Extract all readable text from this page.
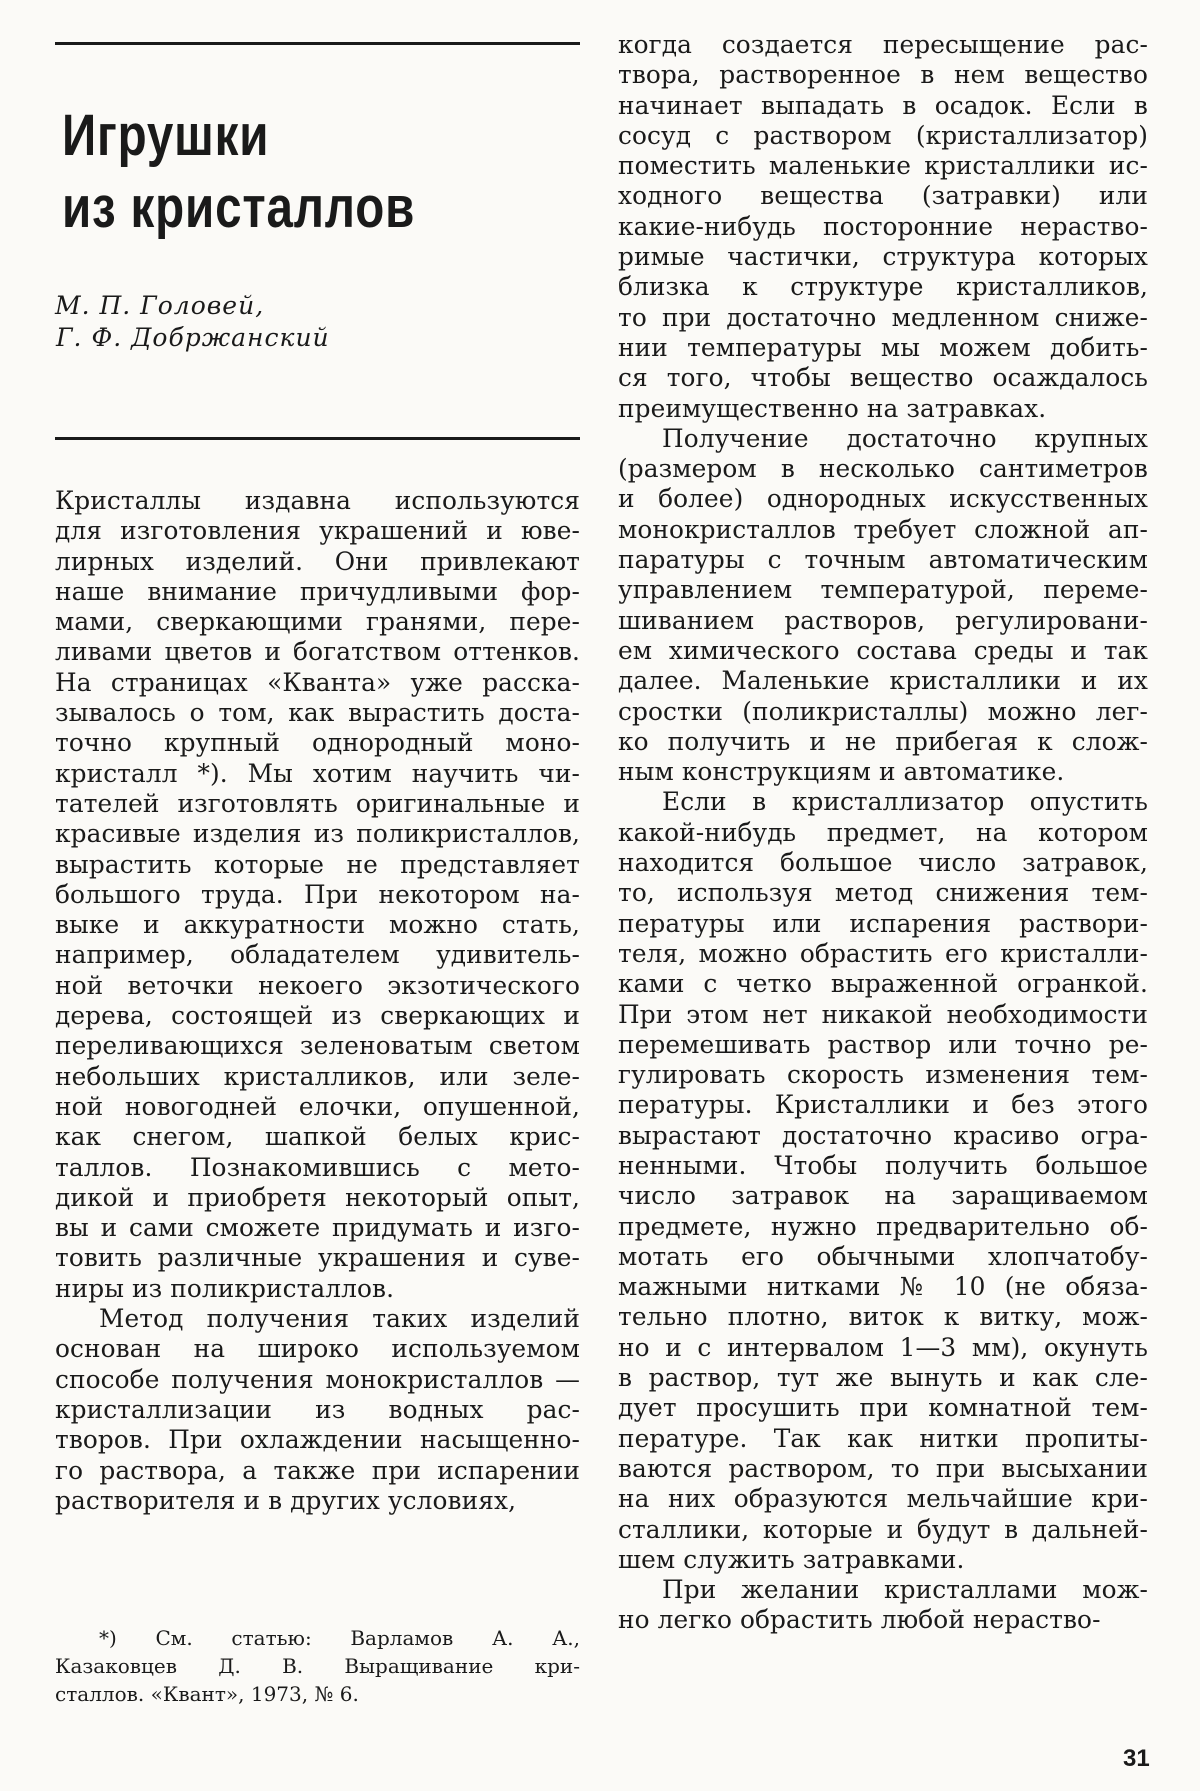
Игрушки
из кристаллов
М. П. Головей,
Г. Ф. Добржанский
Кристаллы издавна используются
для изготовления украшений и юве-
лирных изделий. Они привлекают
наше внимание причудливыми фор-
мами, сверкающими гранями, пере-
ливами цветов и богатством оттенков.
На страницах «Кванта» уже расска-
зывалось о том, как вырастить доста-
точно крупный однородный моно-
кристалл *). Мы хотим научить чи-
тателей изготовлять оригинальные и
красивые изделия из поликристаллов,
вырастить которые не представляет
большого труда. При некотором на-
выке и аккуратности можно стать,
например, обладателем удивитель-
ной веточки некоего экзотического
дерева, состоящей из сверкающих и
переливающихся зеленоватым светом
небольших кристалликов, или зеле-
ной новогодней елочки, опушенной,
как снегом, шапкой белых крис-
таллов. Познакомившись с мето-
дикой и приобретя некоторый опыт,
вы и сами сможете придумать и изго-
товить различные украшения и суве-
ниры из поликристаллов.
Метод получения таких изделий
основан на широко используемом
способе получения монокристаллов —
кристаллизации из водных рас-
творов. При охлаждении насыщенно-
го раствора, а также при испарении
растворителя и в других условиях,
когда создается пересыщение рас-
твора, растворенное в нем вещество
начинает выпадать в осадок. Если в
сосуд с раствором (кристаллизатор)
поместить маленькие кристаллики ис-
ходного вещества (затравки) или
какие-нибудь посторонние нераство-
римые частички, структура которых
близка к структуре кристалликов,
то при достаточно медленном сниже-
нии температуры мы можем добить-
ся того, чтобы вещество осаждалось
преимущественно на затравках.
Получение достаточно крупных
(размером в несколько сантиметров
и более) однородных искусственных
монокристаллов требует сложной ап-
паратуры с точным автоматическим
управлением температурой, переме-
шиванием растворов, регулировани-
ем химического состава среды и так
далее. Маленькие кристаллики и их
сростки (поликристаллы) можно лег-
ко получить и не прибегая к слож-
ным конструкциям и автоматике.
Если в кристаллизатор опустить
какой-нибудь предмет, на котором
находится большое число затравок,
то, используя метод снижения тем-
пературы или испарения раствори-
теля, можно обрастить его кристалли-
ками с четко выраженной огранкой.
При этом нет никакой необходимости
перемешивать раствор или точно ре-
гулировать скорость изменения тем-
пературы. Кристаллики и без этого
вырастают достаточно красиво огра-
ненными. Чтобы получить большое
число затравок на заращиваемом
предмете, нужно предварительно об-
мотать его обычными хлопчатобу-
мажными нитками № 10 (не обяза-
тельно плотно, виток к витку, мож-
но и с интервалом 1—3 мм), окунуть
в раствор, тут же вынуть и как сле-
дует просушить при комнатной тем-
пературе. Так как нитки пропиты-
ваются раствором, то при высыхании
на них образуются мельчайшие кри-
сталлики, которые и будут в дальней-
шем служить затравками.
При желании кристаллами мож-
но легко обрастить любой нераство-
*) См. статью: Варламов А. А.,
Казаковцев Д. В. Выращивание кри-
сталлов. «Квант», 1973, № 6.
31
